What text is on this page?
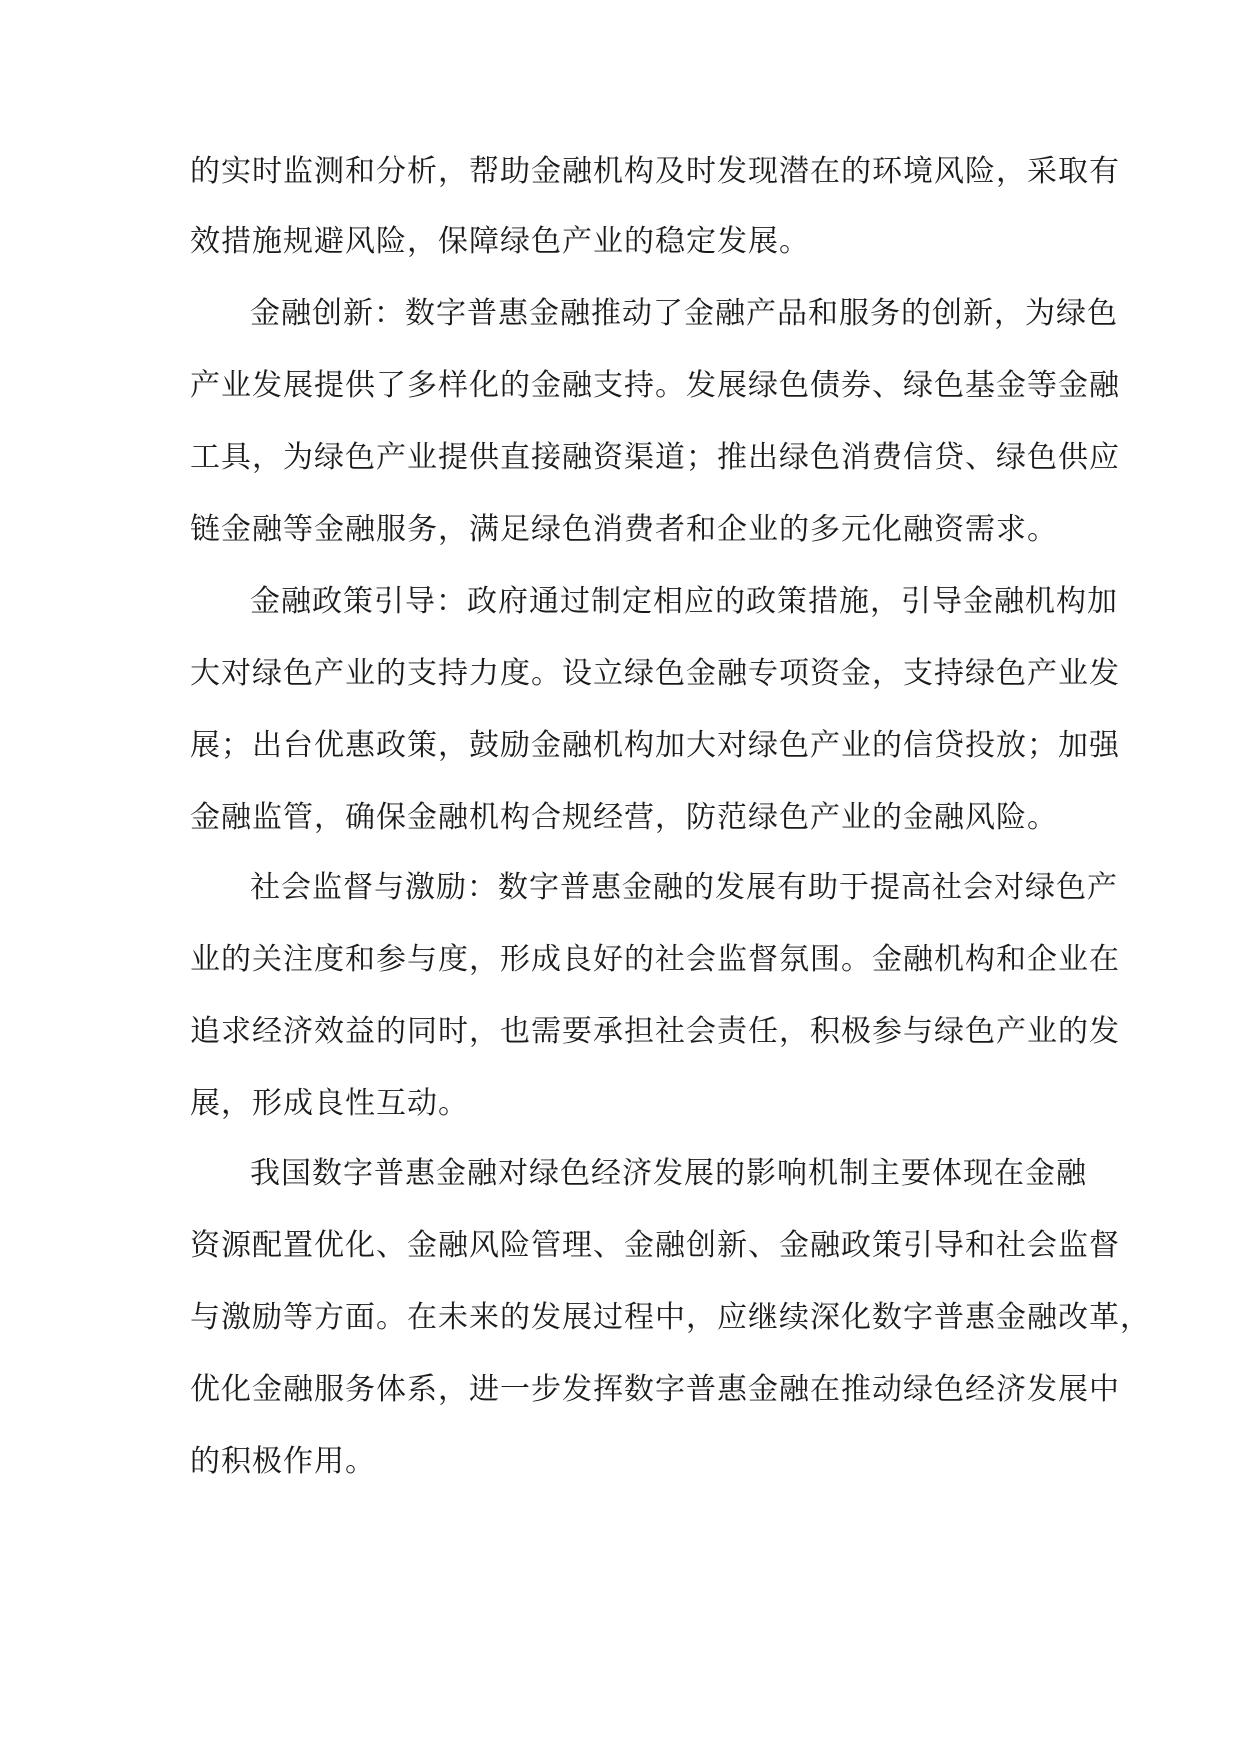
的实时监测和分析，帮助金融机构及时发现潜在的环境风险，采取有
效措施规避风险，保障绿色产业的稳定发展。
金融创新：数字普惠金融推动了金融产品和服务的创新，为绿色
产业发展提供了多样化的金融支持。发展绿色债券、绿色基金等金融
工具，为绿色产业提供直接融资渠道；推出绿色消费信贷、绿色供应
链金融等金融服务，满足绿色消费者和企业的多元化融资需求。
金融政策引导：政府通过制定相应的政策措施，引导金融机构加
大对绿色产业的支持力度。设立绿色金融专项资金，支持绿色产业发
展；出台优惠政策，鼓励金融机构加大对绿色产业的信贷投放；加强
金融监管，确保金融机构合规经营，防范绿色产业的金融风险。
社会监督与激励：数字普惠金融的发展有助于提高社会对绿色产
业的关注度和参与度，形成良好的社会监督氛围。金融机构和企业在
追求经济效益的同时，也需要承担社会责任，积极参与绿色产业的发
展，形成良性互动。
我国数字普惠金融对绿色经济发展的影响机制主要体现在金融
资源配置优化、金融风险管理、金融创新、金融政策引导和社会监督
与激励等方面。在未来的发展过程中，应继续深化数字普惠金融改革，
优化金融服务体系，进一步发挥数字普惠金融在推动绿色经济发展中
的积极作用。
